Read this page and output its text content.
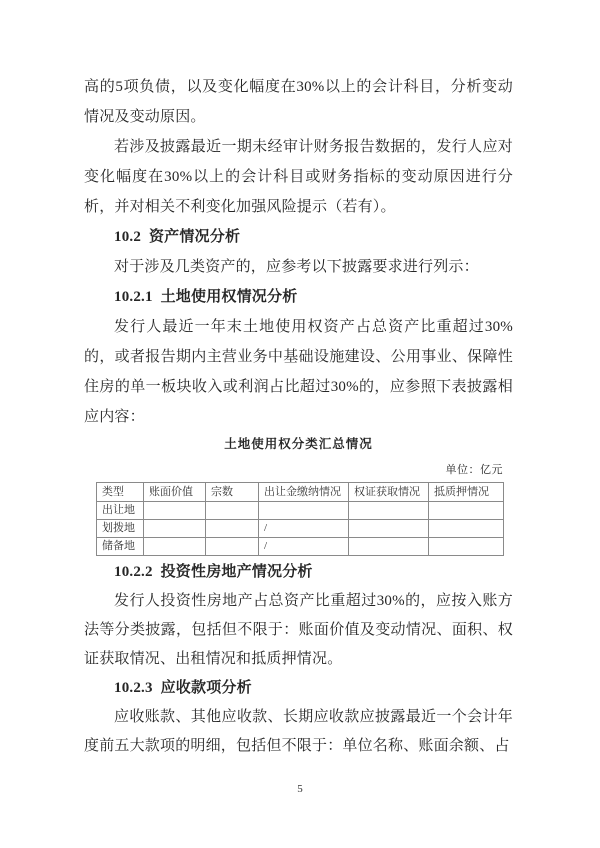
高的5项负债，以及变化幅度在30%以上的会计科目，分析变动情况及变动原因。

若涉及披露最近一期未经审计财务报告数据的，发行人应对变化幅度在30%以上的会计科目或财务指标的变动原因进行分析，并对相关不利变化加强风险提示（若有）。

10.2  资产情况分析

对于涉及几类资产的，应参考以下披露要求进行列示：

10.2.1  土地使用权情况分析

发行人最近一年末土地使用权资产占总资产比重超过30%的，或者报告期内主营业务中基础设施建设、公用事业、保障性住房的单一板块收入或利润占比超过30%的，应参照下表披露相应内容：

土地使用权分类汇总情况
单位：亿元
类型	账面价值	宗数	出让金缴纳情况	权证获取情况	抵质押情况
出让地					
划拨地			/		
储备地			/		

10.2.2  投资性房地产情况分析

发行人投资性房地产占总资产比重超过30%的，应按入账方法等分类披露，包括但不限于：账面价值及变动情况、面积、权证获取情况、出租情况和抵质押情况。

10.2.3  应收款项分析

应收账款、其他应收款、长期应收款应披露最近一个会计年度前五大款项的明细，包括但不限于：单位名称、账面余额、占

5
